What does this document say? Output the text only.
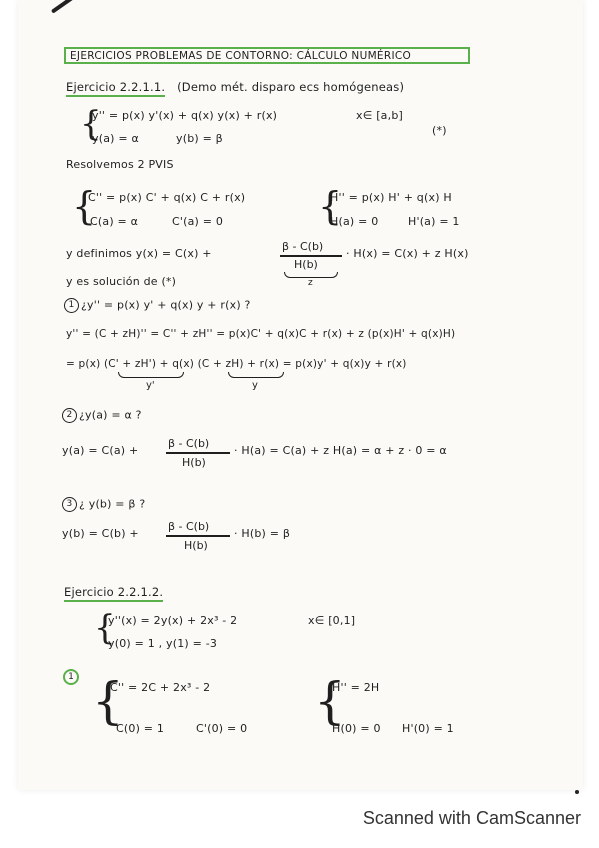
EJERCICIOS PROBLEMAS DE CONTORNO: CÁLCULO NUMÉRICO
Ejercicio 2.2.1.1. (Demo mét. disparo ecs homógeneas)
{
y'' = p(x) y'(x) + q(x) y(x) + r(x)	x∈ [a,b]
y(a) = α	y(b) = β
(*)
Resolvemos 2 PVIS
{
C'' = p(x) C' + q(x) C + r(x)
C(a) = α	C'(a) = 0 {
H'' = p(x) H' + q(x) H
H(a) = 0	H'(a) = 1
y definimos y(x) = C(x) +
β - C(b)
H(b)
z
· H(x) = C(x) + z H(x)
y es solución de (*)
1 ¿y'' = p(x) y' + q(x) y + r(x) ?
y'' = (C + zH)'' = C'' + zH'' = p(x)C' + q(x)C + r(x) + z (p(x)H' + q(x)H)
= p(x) (C' + zH') + q(x) (C + zH) + r(x) = p(x)y' + q(x)y + r(x)
y'	y
2 ¿y(a) = α ?
y(a) = C(a) +
β - C(b)
H(b)
· H(a) = C(a) + z H(a) = α + z · 0 = α
3 ¿ y(b) = β ?
y(b) = C(b) +
β - C(b)
H(b)
· H(b) = β
Ejercicio 2.2.1.2.
{
y''(x) = 2y(x) + 2x³ - 2	x∈ [0,1]
y(0) = 1 , y(1) = -3
1 {
C'' = 2C + 2x³ - 2
C(0) = 1	C'(0) = 0 {
H'' = 2H
H(0) = 0 H'(0) = 1
Scanned with CamScanner
